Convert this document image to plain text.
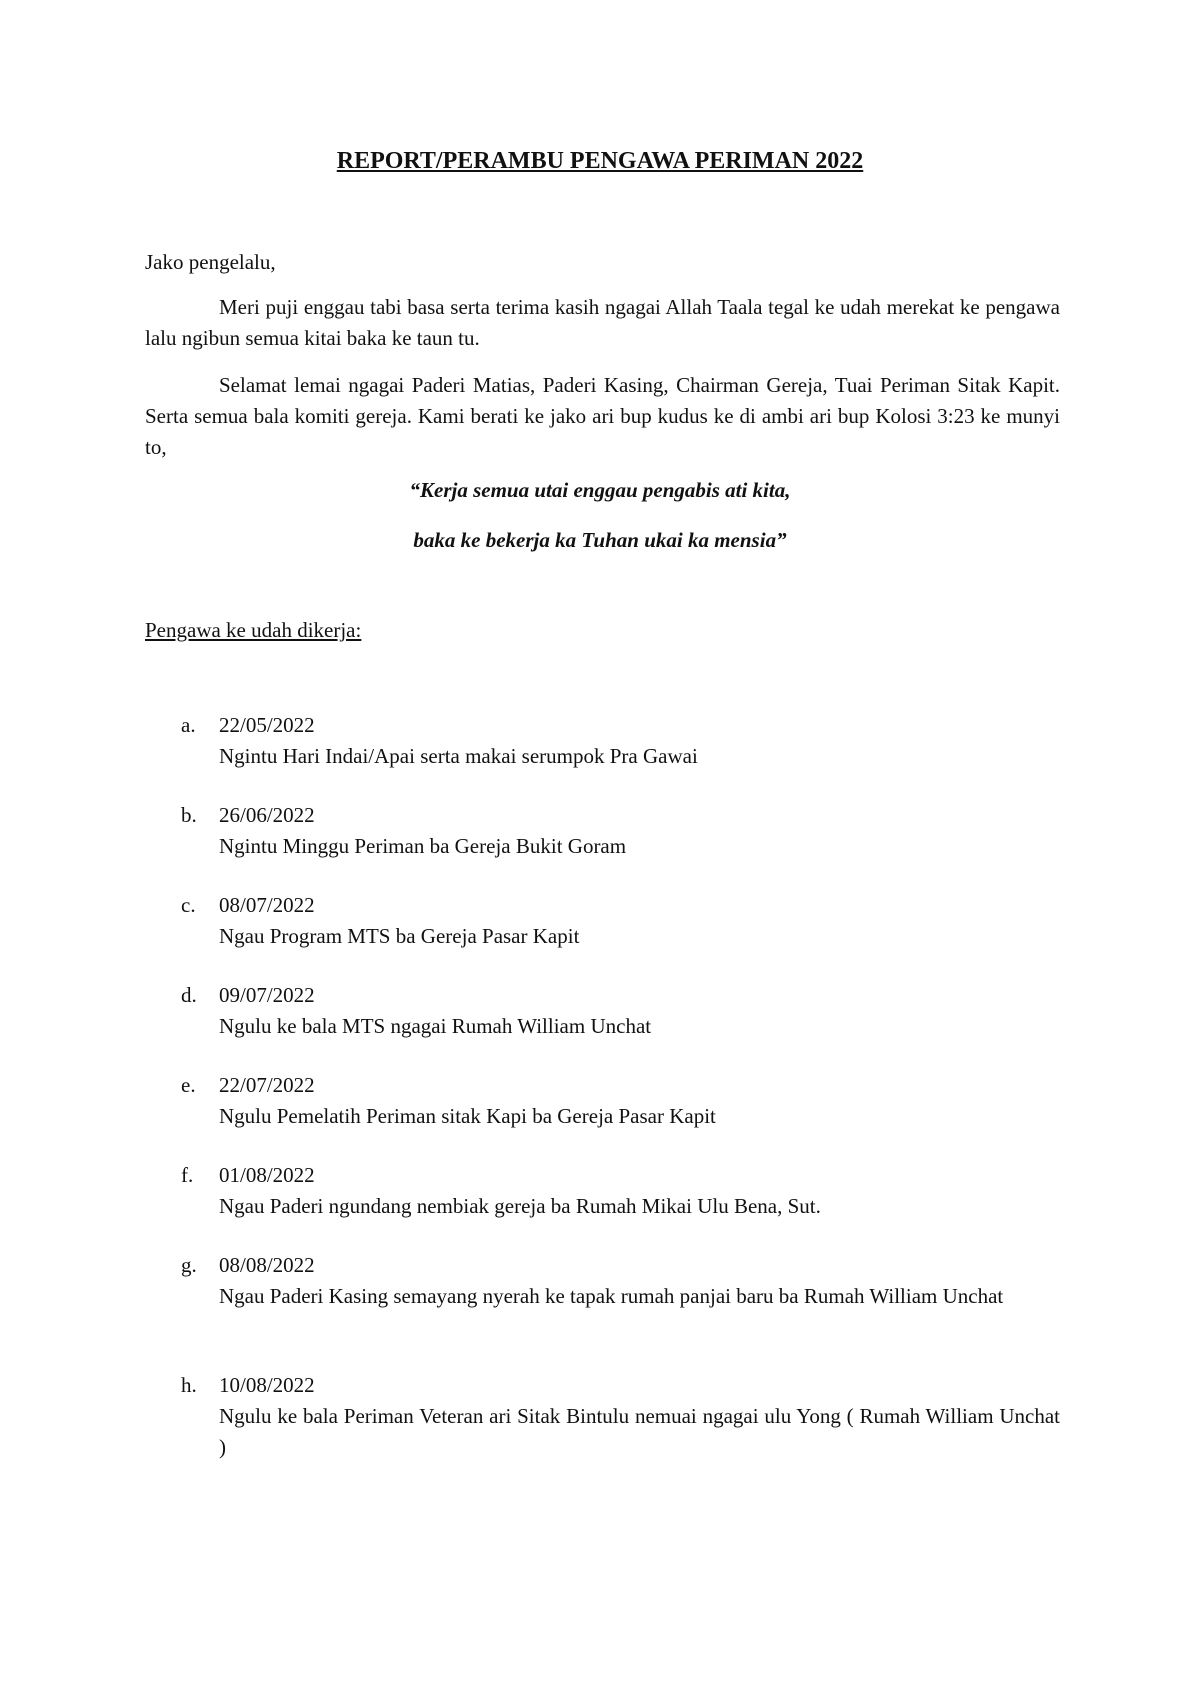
REPORT/PERAMBU PENGAWA PERIMAN 2022
Jako pengelalu,

Meri puji enggau tabi basa serta terima kasih ngagai Allah Taala tegal ke udah merekat ke pengawa lalu ngibun semua kitai baka ke taun tu.

Selamat lemai ngagai Paderi Matias, Paderi Kasing, Chairman Gereja, Tuai Periman Sitak Kapit. Serta semua bala komiti gereja. Kami berati ke jako ari bup kudus ke di ambi ari bup Kolosi 3:23 ke munyi to,

“Kerja semua utai enggau pengabis ati kita,
baka ke bekerja ka Tuhan ukai ka mensia”
Pengawa ke udah dikerja:
a. 22/05/2022
Ngintu Hari Indai/Apai serta makai serumpok Pra Gawai
b. 26/06/2022
Ngintu Minggu Periman ba Gereja Bukit Goram
c. 08/07/2022
Ngau Program MTS ba Gereja Pasar Kapit
d. 09/07/2022
Ngulu ke bala MTS ngagai Rumah William Unchat
e. 22/07/2022
Ngulu Pemelatih Periman sitak Kapi ba Gereja Pasar Kapit
f. 01/08/2022
Ngau Paderi ngundang nembiak gereja ba Rumah Mikai Ulu Bena, Sut.
g. 08/08/2022
Ngau Paderi Kasing semayang nyerah ke tapak rumah panjai baru ba Rumah William Unchat
h. 10/08/2022
Ngulu ke bala Periman Veteran ari Sitak Bintulu nemuai ngagai ulu Yong ( Rumah William Unchat )
